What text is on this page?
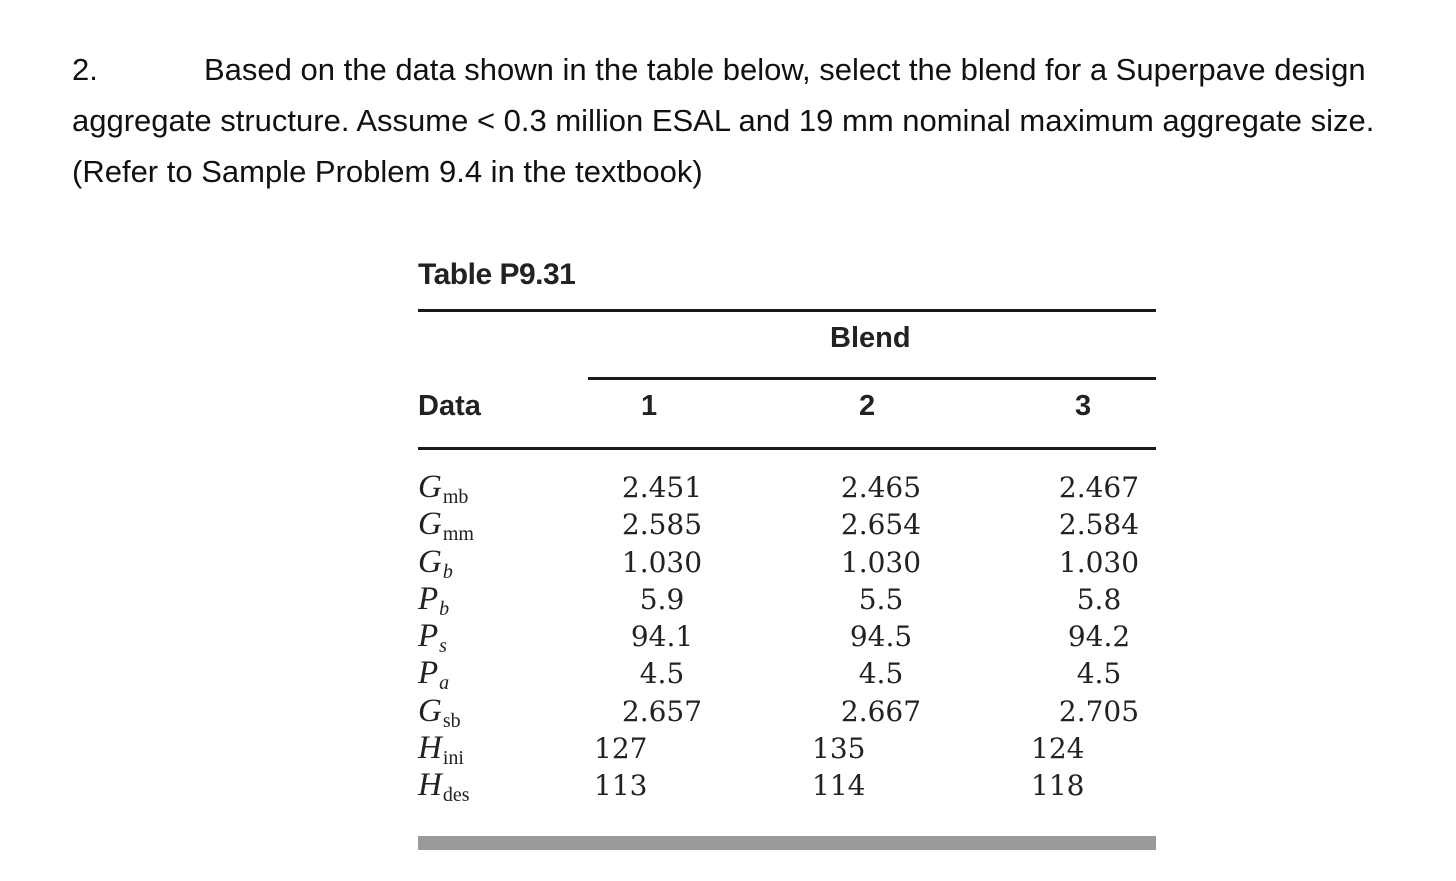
2.	Based on the data shown in the table below, select the blend for a Superpave design aggregate structure. Assume < 0.3 million ESAL and 19 mm nominal maximum aggregate size. (Refer to Sample Problem 9.4 in the textbook)
Table P9.31
Blend
Data	1	2	3
$G_{mb}$	2.451	2.465	2.467
$G_{mm}$	2.585	2.654	2.584
$G_b$	1.030	1.030	1.030
$P_b$	5.9	5.5	5.8
$P_s$	94.1	94.5	94.2
$P_a$	4.5	4.5	4.5
$G_{sb}$	2.657	2.667	2.705
$H_{ini}$	127	135	124
$H_{des}$	113	114	118
